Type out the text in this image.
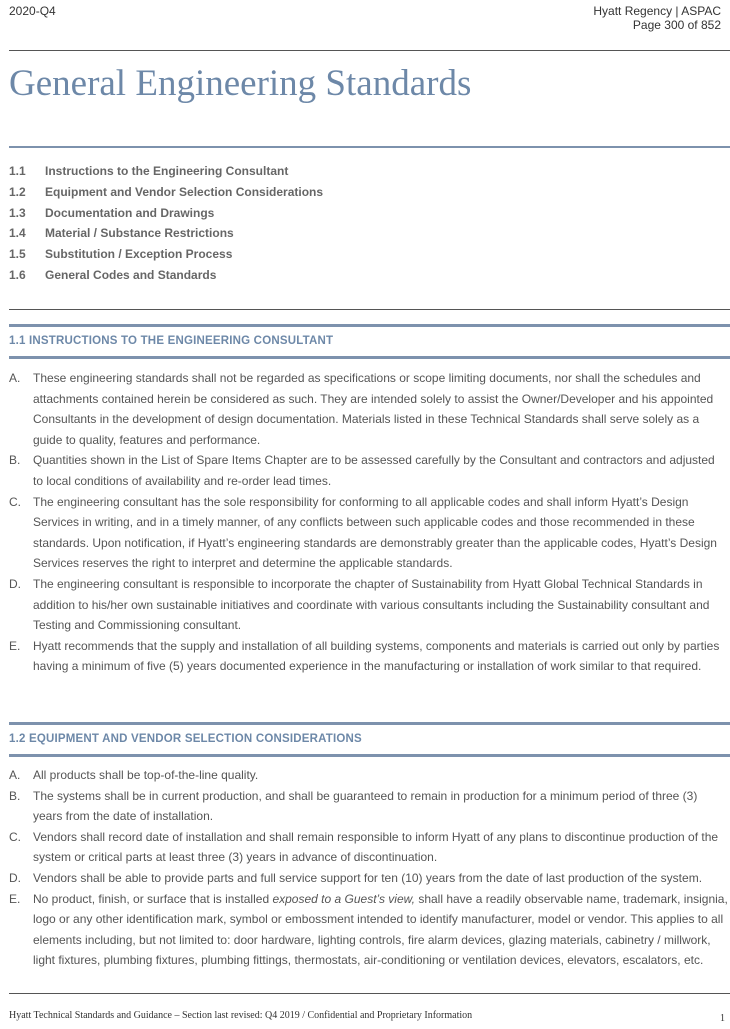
2020-Q4	Hyatt Regency | ASPAC
Page 300 of 852
General Engineering Standards
1.1 Instructions to the Engineering Consultant
1.2 Equipment and Vendor Selection Considerations
1.3 Documentation and Drawings
1.4 Material / Substance Restrictions
1.5 Substitution / Exception Process
1.6 General Codes and Standards
1.1 INSTRUCTIONS TO THE ENGINEERING CONSULTANT
A. These engineering standards shall not be regarded as specifications or scope limiting documents, nor shall the schedules and attachments contained herein be considered as such. They are intended solely to assist the Owner/Developer and his appointed Consultants in the development of design documentation. Materials listed in these Technical Standards shall serve solely as a guide to quality, features and performance.
B. Quantities shown in the List of Spare Items Chapter are to be assessed carefully by the Consultant and contractors and adjusted to local conditions of availability and re-order lead times.
C. The engineering consultant has the sole responsibility for conforming to all applicable codes and shall inform Hyatt’s Design Services in writing, and in a timely manner, of any conflicts between such applicable codes and those recommended in these standards. Upon notification, if Hyatt’s engineering standards are demonstrably greater than the applicable codes, Hyatt’s Design Services reserves the right to interpret and determine the applicable standards.
D. The engineering consultant is responsible to incorporate the chapter of Sustainability from Hyatt Global Technical Standards in addition to his/her own sustainable initiatives and coordinate with various consultants including the Sustainability consultant and Testing and Commissioning consultant.
E. Hyatt recommends that the supply and installation of all building systems, components and materials is carried out only by parties having a minimum of five (5) years documented experience in the manufacturing or installation of work similar to that required.
1.2 EQUIPMENT AND VENDOR SELECTION CONSIDERATIONS
A. All products shall be top-of-the-line quality.
B. The systems shall be in current production, and shall be guaranteed to remain in production for a minimum period of three (3) years from the date of installation.
C. Vendors shall record date of installation and shall remain responsible to inform Hyatt of any plans to discontinue production of the system or critical parts at least three (3) years in advance of discontinuation.
D. Vendors shall be able to provide parts and full service support for ten (10) years from the date of last production of the system.
E. No product, finish, or surface that is installed exposed to a Guest’s view, shall have a readily observable name, trademark, insignia, logo or any other identification mark, symbol or embossment intended to identify manufacturer, model or vendor. This applies to all elements including, but not limited to: door hardware, lighting controls, fire alarm devices, glazing materials, cabinetry / millwork, light fixtures, plumbing fixtures, plumbing fittings, thermostats, air-conditioning or ventilation devices, elevators, escalators, etc.
Hyatt Technical Standards and Guidance – Section last revised: Q4 2019 / Confidential and Proprietary Information	1
